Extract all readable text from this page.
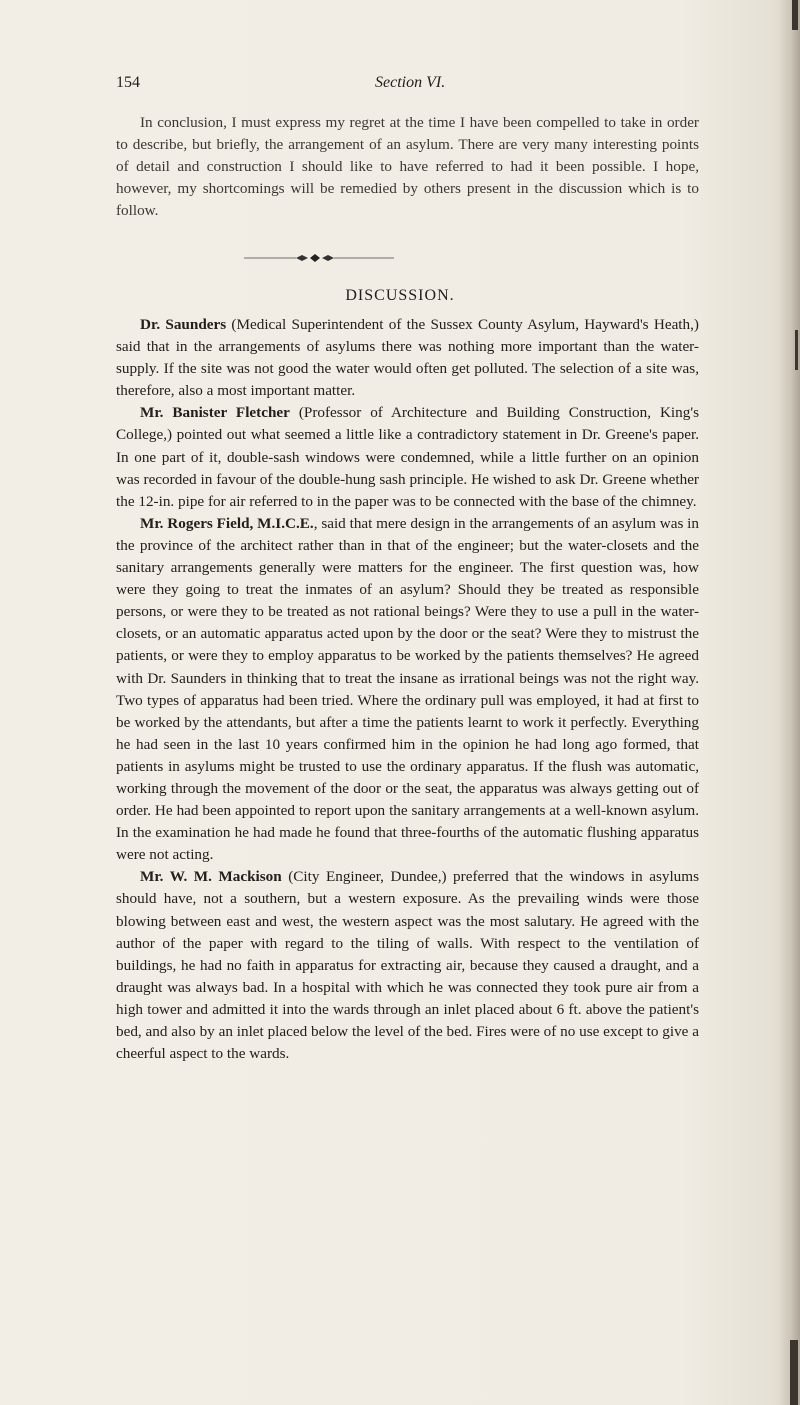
154	Section VI.

In conclusion, I must express my regret at the time I have been compelled to take in order to describe, but briefly, the arrangement of an asylum. There are very many interesting points of detail and construction I should like to have referred to had it been possible. I hope, however, my shortcomings will be remedied by others present in the discussion which is to follow.

DISCUSSION.

Dr. Saunders (Medical Superintendent of the Sussex County Asylum, Hayward's Heath,) said that in the arrangements of asylums there was nothing more important than the water-supply. If the site was not good the water would often get polluted. The selection of a site was, therefore, also a most important matter.

Mr. Banister Fletcher (Professor of Architecture and Building Construction, King's College,) pointed out what seemed a little like a contradictory statement in Dr. Greene's paper. In one part of it, double-sash windows were condemned, while a little further on an opinion was recorded in favour of the double-hung sash principle. He wished to ask Dr. Greene whether the 12-in. pipe for air referred to in the paper was to be connected with the base of the chimney.

Mr. Rogers Field, M.I.C.E., said that mere design in the arrangements of an asylum was in the province of the architect rather than in that of the engineer; but the water-closets and the sanitary arrangements generally were matters for the engineer. The first question was, how were they going to treat the inmates of an asylum? Should they be treated as responsible persons, or were they to be treated as not rational beings? Were they to use a pull in the water-closets, or an automatic apparatus acted upon by the door or the seat? Were they to mistrust the patients, or were they to employ apparatus to be worked by the patients themselves? He agreed with Dr. Saunders in thinking that to treat the insane as irrational beings was not the right way. Two types of apparatus had been tried. Where the ordinary pull was employed, it had at first to be worked by the attendants, but after a time the patients learnt to work it perfectly. Everything he had seen in the last 10 years confirmed him in the opinion he had long ago formed, that patients in asylums might be trusted to use the ordinary apparatus. If the flush was automatic, working through the movement of the door or the seat, the apparatus was always getting out of order. He had been appointed to report upon the sanitary arrangements at a well-known asylum. In the examination he had made he found that three-fourths of the automatic flushing apparatus were not acting.

Mr. W. M. Mackison (City Engineer, Dundee,) preferred that the windows in asylums should have, not a southern, but a western exposure. As the prevailing winds were those blowing between east and west, the western aspect was the most salutary. He agreed with the author of the paper with regard to the tiling of walls. With respect to the ventilation of buildings, he had no faith in apparatus for extracting air, because they caused a draught, and a draught was always bad. In a hospital with which he was connected they took pure air from a high tower and admitted it into the wards through an inlet placed about 6 ft. above the patient's bed, and also by an inlet placed below the level of the bed. Fires were of no use except to give a cheerful aspect to the wards.
